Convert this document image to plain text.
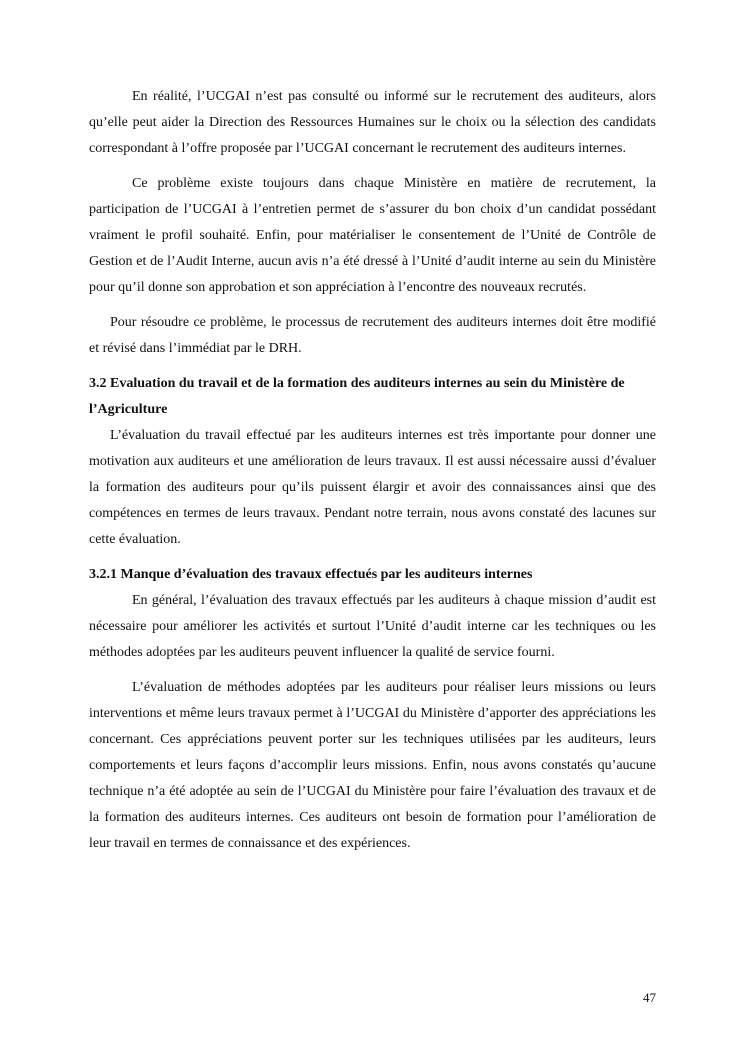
En réalité, l’UCGAI n’est pas consulté ou informé sur le recrutement des auditeurs, alors qu’elle peut aider la Direction des Ressources Humaines sur le choix ou la sélection des candidats correspondant à l’offre proposée par l’UCGAI concernant le recrutement des auditeurs internes.

Ce problème existe toujours dans chaque Ministère en matière de recrutement, la participation de l’UCGAI à l’entretien permet de s’assurer du bon choix d’un candidat possédant vraiment le profil souhaité. Enfin, pour matérialiser le consentement de l’Unité de Contrôle de Gestion et de l’Audit Interne, aucun avis n’a été dressé à l’Unité d’audit interne au sein du Ministère pour qu’il donne son approbation et son appréciation à l’encontre des nouveaux recrutés.

Pour résoudre ce problème, le processus de recrutement des auditeurs internes doit être modifié et révisé dans l’immédiat par le DRH.

3.2 Evaluation du travail et de la formation des auditeurs internes au sein du Ministère de l’Agriculture

L’évaluation du travail effectué par les auditeurs internes est très importante pour donner une motivation aux auditeurs et une amélioration de leurs travaux. Il est aussi nécessaire aussi d’évaluer la formation des auditeurs pour qu’ils puissent élargir et avoir des connaissances ainsi que des compétences en termes de leurs travaux. Pendant notre terrain, nous avons constaté des lacunes sur cette évaluation.

3.2.1 Manque d’évaluation des travaux effectués par les auditeurs internes

En général, l’évaluation des travaux effectués par les auditeurs à chaque mission d’audit est nécessaire pour améliorer les activités et surtout l’Unité d’audit interne car les techniques ou les méthodes adoptées par les auditeurs peuvent influencer la qualité de service fourni.

L’évaluation de méthodes adoptées par les auditeurs pour réaliser leurs missions ou leurs interventions et même leurs travaux permet à l’UCGAI du Ministère d’apporter des appréciations les concernant. Ces appréciations peuvent porter sur les techniques utilisées par les auditeurs, leurs comportements et leurs façons d’accomplir leurs missions. Enfin, nous avons constatés qu’aucune technique n’a été adoptée au sein de l’UCGAI du Ministère pour faire l’évaluation des travaux et de la formation des auditeurs internes. Ces auditeurs ont besoin de formation pour l’amélioration de leur travail en termes de connaissance et des expériences.

47
